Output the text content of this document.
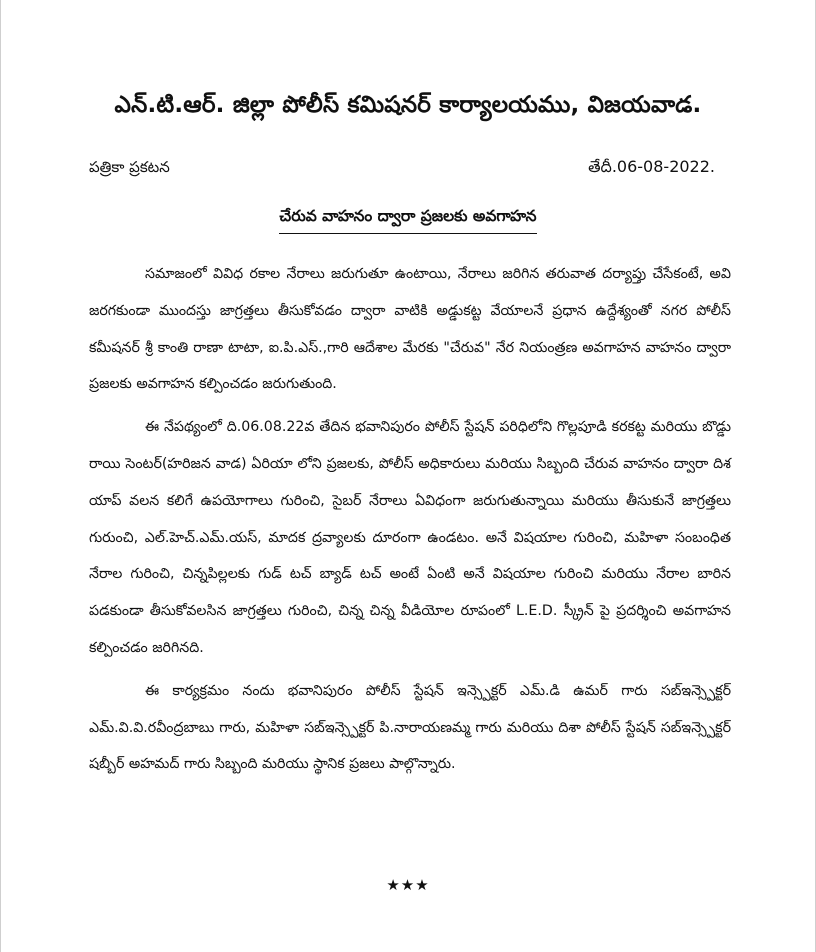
ఎన్.టి.ఆర్. జిల్లా పోలీస్ కమిషనర్ కార్యాలయము, విజయవాడ.
పత్రికా ప్రకటన	తేదీ.06-08-2022.
చేరువ వాహనం ద్వారా ప్రజలకు అవగాహన

సమాజంలో వివిధ రకాల నేరాలు జరుగుతూ ఉంటాయి, నేరాలు జరిగిన తరువాత దర్యాప్తు చేసేకంటే, అవి జరగకుండా ముందస్తు జాగ్రత్తలు తీసుకోవడం ద్వారా వాటికి అడ్డుకట్ట వేయాలనే ప్రధాన ఉద్దేశ్యంతో నగర పోలీస్ కమీషనర్ శ్రీ కాంతి రాణా టాటా, ఐ.పి.ఎస్.,గారి ఆదేశాల మేరకు "చేరువ" నేర నియంత్రణ అవగాహన వాహనం ద్వారా ప్రజలకు అవగాహన కల్పించడం జరుగుతుంది.

ఈ నేపథ్యంలో ది.06.08.22వ తేదిన భవానిపురం పోలీస్ స్టేషన్ పరిధిలోని గొల్లపూడి కరకట్ట మరియు బొడ్డు రాయి సెంటర్(హరిజన వాడ) ఏరియా లోని ప్రజలకు, పోలీస్ అధికారులు మరియు సిబ్బంది చేరువ వాహనం ద్వారా దిశ యాప్ వలన కలిగే ఉపయోగాలు గురించి, సైబర్ నేరాలు ఏవిధంగా జరుగుతున్నాయి మరియు తీసుకునే జాగ్రత్తలు గురుంచి, ఎల్.హెచ్.ఎమ్.యస్, మాదక ద్రవ్యాలకు దూరంగా ఉండటం. అనే విషయాల గురించి, మహిళా సంబంధిత నేరాల గురించి, చిన్నపిల్లలకు గుడ్ టచ్ బ్యాడ్ టచ్ అంటే ఏంటి అనే విషయాల గురించి మరియు నేరాల బారిన పడకుండా తీసుకోవలసిన జాగ్రత్తలు గురించి, చిన్న చిన్న వీడియోల రూపంలో L.E.D. స్క్రీన్ పై ప్రదర్శించి అవగాహన కల్పించడం జరిగినది.

ఈ కార్యక్రమం నందు భవానిపురం పోలీస్ స్టేషన్ ఇన్స్పెక్టర్ ఎమ్.డి ఉమర్ గారు సబ్ఇన్స్పెక్టర్ ఎమ్.వి.వి.రవీంద్రబాబు గారు, మహిళా సబ్ఇన్స్పెక్టర్ పి.నారాయణమ్మ గారు మరియు దిశా పోలీస్ స్టేషన్ సబ్ఇన్స్పెక్టర్ షబ్బీర్ అహమద్ గారు సిబ్బంది మరియు స్థానిక ప్రజలు పాల్గొన్నారు.

★★★
